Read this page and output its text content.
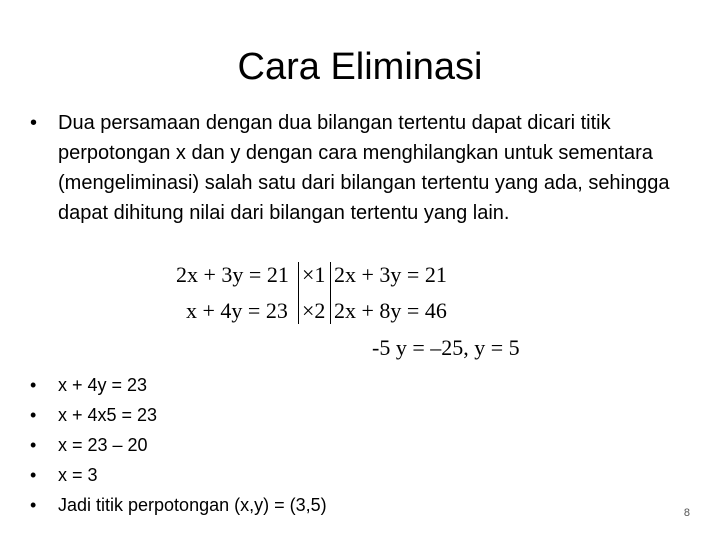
Cara Eliminasi
•	Dua persamaan dengan dua bilangan tertentu dapat dicari titik perpotongan x dan y dengan cara menghilangkan untuk sementara (mengeliminasi) salah satu dari bilangan tertentu yang ada, sehingga dapat dihitung nilai dari bilangan tertentu yang lain.
2x + 3y = 21 ×1 2x + 3y = 21
x + 4y = 23 ×2 2x + 8y = 46
-5 y = –25, y = 5
•	x + 4y = 23
•	x + 4x5 = 23
•	x = 23 – 20
•	x = 3
•	Jadi titik perpotongan (x,y) = (3,5)	8
